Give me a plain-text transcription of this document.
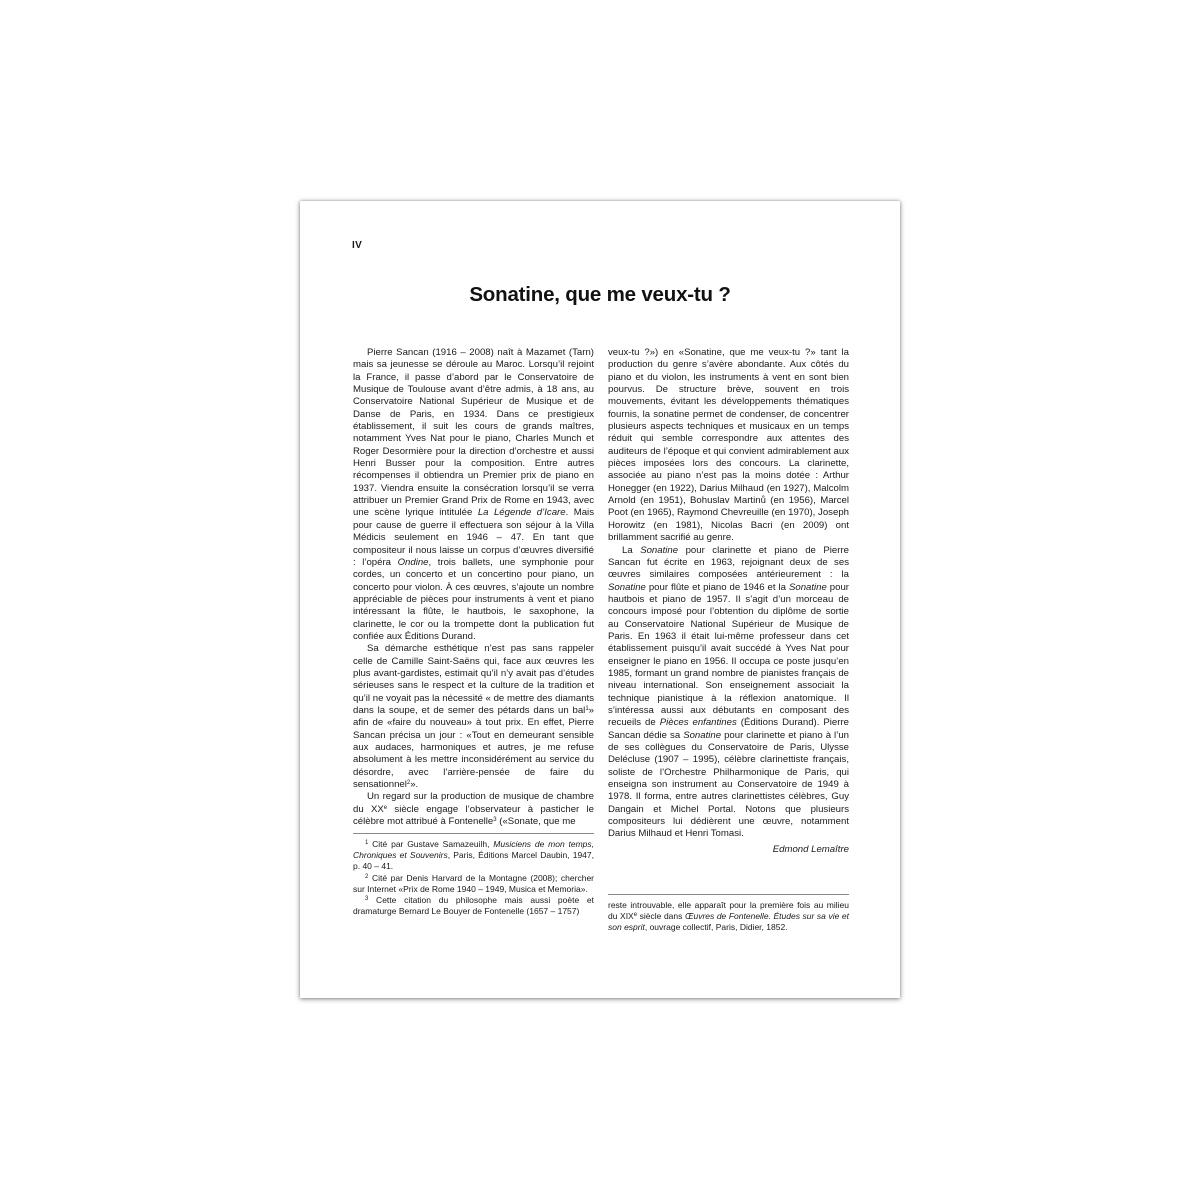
IV
Sonatine, que me veux-tu ?

Pierre Sancan (1916 – 2008) naît à Mazamet (Tarn) mais sa jeunesse se déroule au Maroc. Lorsqu’il rejoint la France, il passe d’abord par le Conservatoire de Musique de Toulouse avant d’être admis, à 18 ans, au Conservatoire National Supérieur de Musique et de Danse de Paris, en 1934. Dans ce prestigieux établissement, il suit les cours de grands maîtres, notamment Yves Nat pour le piano, Charles Munch et Roger Desormière pour la direction d’orchestre et aussi Henri Busser pour la composition. Entre autres récompenses il obtiendra un Premier prix de piano en 1937. Viendra ensuite la consécration lorsqu’il se verra attribuer un Premier Grand Prix de Rome en 1943, avec une scène lyrique intitulée La Légende d’Icare. Mais pour cause de guerre il effectuera son séjour à la Villa Médicis seulement en 1946 – 47. En tant que compositeur il nous laisse un corpus d’œuvres diversifié : l’opéra Ondine, trois ballets, une symphonie pour cordes, un concerto et un concertino pour piano, un concerto pour violon. À ces œuvres, s’ajoute un nombre appréciable de pièces pour instruments à vent et piano intéressant la flûte, le hautbois, le saxophone, la clarinette, le cor ou la trompette dont la publication fut confiée aux Éditions Durand.

Sa démarche esthétique n’est pas sans rappeler celle de Camille Saint-Saëns qui, face aux œuvres les plus avant-gardistes, estimait qu’il n’y avait pas d’études sérieuses sans le respect et la culture de la tradition et qu’il ne voyait pas la nécessité « de mettre des diamants dans la soupe, et de semer des pétards dans un bal$^1$» afin de «faire du nouveau» à tout prix. En effet, Pierre Sancan précisa un jour : «Tout en demeurant sensible aux audaces, harmoniques et autres, je me refuse absolument à les mettre inconsidérément au service du désordre, avec l’arrière-pensée de faire du sensationnel$^2$».

Un regard sur la production de musique de chambre du XXe siècle engage l’observateur à pasticher le célèbre mot attribué à Fontenelle$^3$ («Sonate, que me

veux-tu ?») en «Sonatine, que me veux-tu ?» tant la production du genre s’avère abondante. Aux côtés du piano et du violon, les instruments à vent en sont bien pourvus. De structure brève, souvent en trois mouvements, évitant les développements thématiques fournis, la sonatine permet de condenser, de concentrer plusieurs aspects techniques et musicaux en un temps réduit qui semble correspondre aux attentes des auditeurs de l’époque et qui convient admirablement aux pièces imposées lors des concours. La clarinette, associée au piano n’est pas la moins dotée : Arthur Honegger (en 1922), Darius Milhaud (en 1927), Malcolm Arnold (en 1951), Bohuslav Martinů (en 1956), Marcel Poot (en 1965), Raymond Chevreuille (en 1970), Joseph Horowitz (en 1981), Nicolas Bacri (en 2009) ont brillamment sacrifié au genre.

La Sonatine pour clarinette et piano de Pierre Sancan fut écrite en 1963, rejoignant deux de ses œuvres similaires composées antérieurement : la Sonatine pour flûte et piano de 1946 et la Sonatine pour hautbois et piano de 1957. Il s’agit d’un morceau de concours imposé pour l’obtention du diplôme de sortie au Conservatoire National Supérieur de Musique de Paris. En 1963 il était lui-même professeur dans cet établissement puisqu’il avait succédé à Yves Nat pour enseigner le piano en 1956. Il occupa ce poste jusqu’en 1985, formant un grand nombre de pianistes français de niveau international. Son enseignement associait la technique pianistique à la réflexion anatomique. Il s’intéressa aussi aux débutants en composant des recueils de Pièces enfantines (Éditions Durand). Pierre Sancan dédie sa Sonatine pour clarinette et piano à l’un de ses collègues du Conservatoire de Paris, Ulysse Delécluse (1907 – 1995), célèbre clarinettiste français, soliste de l’Orchestre Philharmonique de Paris, qui enseigna son instrument au Conservatoire de 1949 à 1978. Il forma, entre autres clarinettistes célèbres, Guy Dangain et Michel Portal. Notons que plusieurs compositeurs lui dédièrent une œuvre, notamment Darius Milhaud et Henri Tomasi.

Edmond Lemaître

$^1$ Cité par Gustave Samazeuilh, Musiciens de mon temps, Chroniques et Souvenirs, Paris, Éditions Marcel Daubin, 1947, p. 40 – 41.

$^2$ Cité par Denis Harvard de la Montagne (2008); chercher sur Internet «Prix de Rome 1940 – 1949, Musica et Memoria».

$^3$ Cette citation du philosophe mais aussi poète et dramaturge Bernard Le Bouyer de Fontenelle (1657 – 1757)

reste introuvable, elle apparaît pour la première fois au milieu du XIXe siècle dans Œuvres de Fontenelle. Études sur sa vie et son esprit, ouvrage collectif, Paris, Didier, 1852.
